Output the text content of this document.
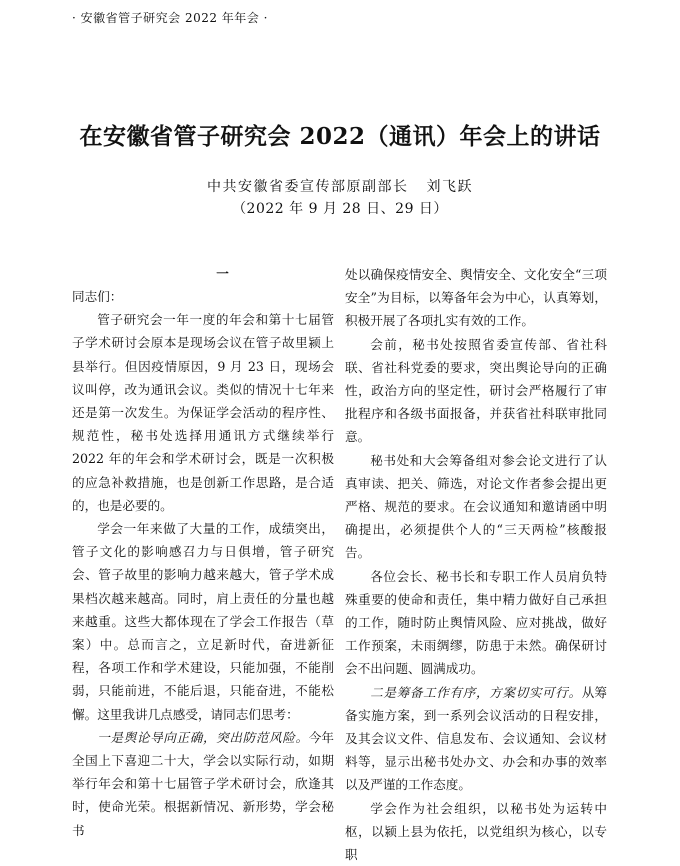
· 安徽省管子研究会 2022 年年会 ·
在安徽省管子研究会 2022（通讯）年会上的讲话
中共安徽省委宣传部原副部长 刘飞跃
（2022 年 9 月 28 日、29 日）

一

同志们：

管子研究会一年一度的年会和第十七届管子学术研讨会原本是现场会议在管子故里颍上县举行。但因疫情原因，9 月 23 日，现场会议叫停，改为通讯会议。类似的情况十七年来还是第一次发生。为保证学会活动的程序性、规范性，秘书处选择用通讯方式继续举行 2022 年的年会和学术研讨会，既是一次积极的应急补救措施，也是创新工作思路，是合适的，也是必要的。

学会一年来做了大量的工作，成绩突出，管子文化的影响感召力与日俱增，管子研究会、管子故里的影响力越来越大，管子学术成果档次越来越高。同时，肩上责任的分量也越来越重。这些大都体现在了学会工作报告（草案）中。总而言之，立足新时代，奋进新征程，各项工作和学术建设，只能加强，不能削弱，只能前进，不能后退，只能奋进，不能松懈。这里我讲几点感受，请同志们思考：

一是舆论导向正确，突出防范风险。今年全国上下喜迎二十大，学会以实际行动，如期举行年会和第十七届管子学术研讨会，欣逢其时，使命光荣。根据新情况、新形势，学会秘书

处以确保疫情安全、舆情安全、文化安全“三项安全”为目标，以筹备年会为中心，认真筹划，积极开展了各项扎实有效的工作。

会前，秘书处按照省委宣传部、省社科联、省社科党委的要求，突出舆论导向的正确性，政治方向的坚定性，研讨会严格履行了审批程序和各级书面报备，并获省社科联审批同意。

秘书处和大会筹备组对参会论文进行了认真审读、把关、筛选，对论文作者参会提出更严格、规范的要求。在会议通知和邀请函中明确提出，必须提供个人的“三天两检”核酸报告。

各位会长、秘书长和专职工作人员肩负特殊重要的使命和责任，集中精力做好自己承担的工作，随时防止舆情风险、应对挑战，做好工作预案，未雨绸缪，防患于未然。确保研讨会不出问题、圆满成功。

二是筹备工作有序，方案切实可行。从筹备实施方案，到一系列会议活动的日程安排，及其会议文件、信息发布、会议通知、会议材料等，显示出秘书处办文、办会和办事的效率以及严谨的工作态度。

学会作为社会组织，以秘书处为运转中枢，以颍上县为依托，以党组织为核心，以专职
